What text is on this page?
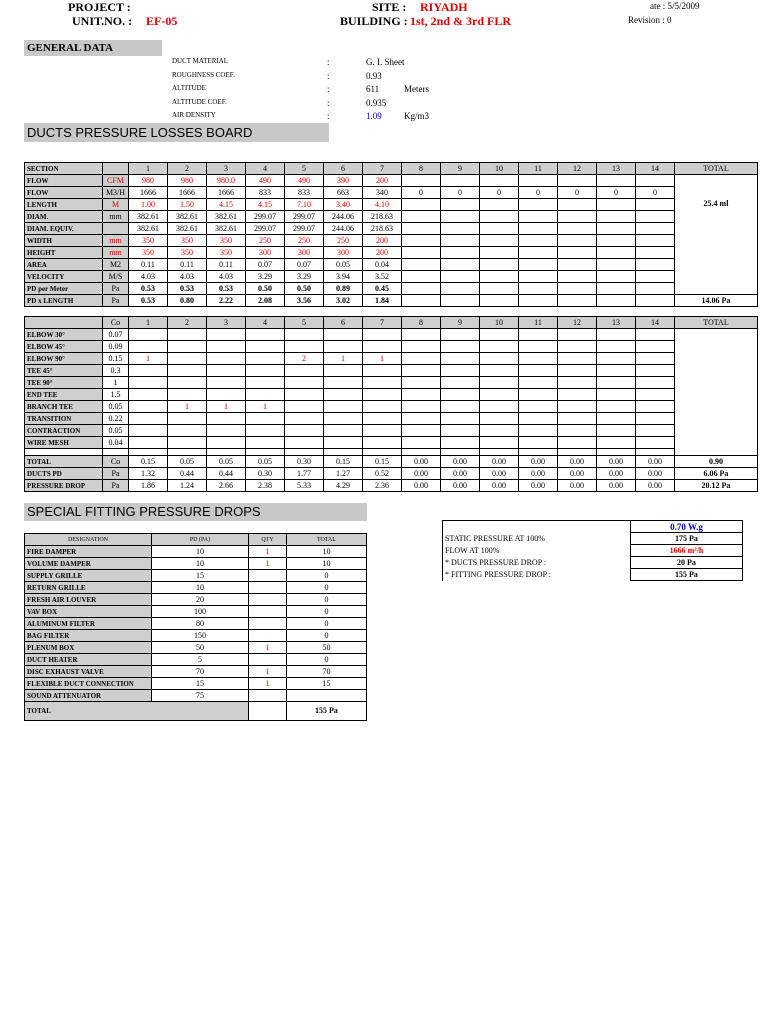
PROJECT :
UNIT.NO. : EF-05
SITE : RIYADH
BUILDING : 1st, 2nd & 3rd FLR
ate : 5/5/2009
Revision : 0
GENERAL DATA
DUCT MATERIAL	:	G. I. Sheet
ROUGHNESS COEF.	:	0.93
ALTITUDE	:	611	Meters
ALTITUDE COEF.	:	0.935
AIR DENSITY	:	1.09 Kg/m3
DUCTS PRESSURE LOSSES BOARD
SECTION		1	2	3	4	5	6	7	8	9	10	11	12	13	14	TOTAL
FLOW	CFM	980	980	980.0	490	490	390	200								25.4 ml

FLOW	M3/H	1666	1666	1666	833	833	663	340	0	0	0	0	0	0	0	
LENGTH	M	1.00	1.50	4.15	4.15	7.10	3.40	4.10								
DIAM.	mm	382.61	382.61	382.61	299.07	299.07	244.06	218.63								
DIAM. EQUIV.		382.61	382.61	382.61	299.07	299.07	244.06	218.63								
WIDTH	mm	350	350	350	250	250	250	200								
HEIGHT	mm	350	350	350	300	300	300	200								
AREA	M2	0.11	0.11	0.11	0.07	0.07	0.05	0.04								
VELOCITY	M/S	4.03	4.03	4.03	3.29	3.29	3.94	3.52								
PD per Meter	Pa	0.53	0.53	0.53	0.50	0.50	0.89	0.45								
PD x LENGTH	Pa	0.53	0.80	2.22	2.08	3.56	3.02	1.84								14.06 Pa
	Co	1	2	3	4	5	6	7	8	9	10	11	12	13	14	TOTAL
ELBOW 30°	0.07															
ELBOW 45°	0.09															
ELBOW 90°	0.15	1				2	1	1								
TEE 45°	0.3															
TEE 90°	1															
END TEE	1.5															
BRANCH TEE	0.05		1	1	1											
TRANSITION	0.22															
CONTRACTION	0.05															
WIRE MESH	0.04															

TOTAL	Co	0.15	0.05	0.05	0.05	0.30	0.15	0.15	0.00	0.00	0.00	0.00	0.00	0.00	0.00	0.90
DUCTS PD	Pa	1.32	0.44	0.44	0.30	1.77	1.27	0.52	0.00	0.00	0.00	0.00	0.00	0.00	0.00	6.06 Pa
PRESSURE DROP	Pa	1.86	1.24	2.66	2.38	5.33	4.29	2.36	0.00	0.00	0.00	0.00	0.00	0.00	0.00	20.12 Pa
SPECIAL FITTING PRESSURE DROPS
DESIGNATION	PD (PA)	QTY	TOTAL
FIRE DAMPER	10	1	10
VOLUME DAMPER	10	1	10
SUPPLY GRILLE	15		0
RETURN GRILLE	10		0
FRESH AIR LOUVER	20		0
VAV BOX	100		0
ALUMINUM FILTER	80		0
BAG FILTER	150		0
PLENUM BOX	50	1	50
DUCT HEATER	5		0
DISC EXHAUST VALVE	70	1	70
FLEXIBLE DUCT CONNECTION	15	1	15
SOUND ATTENUATOR	75		
TOTAL			155 Pa
	0.70 W.g
STATIC PRESSURE AT 100%	175 Pa
FLOW AT 100%	1666 m³/h
* DUCTS PRESSURE DROP :	20 Pa
* FITTING PRESSURE DROP :	155 Pa
